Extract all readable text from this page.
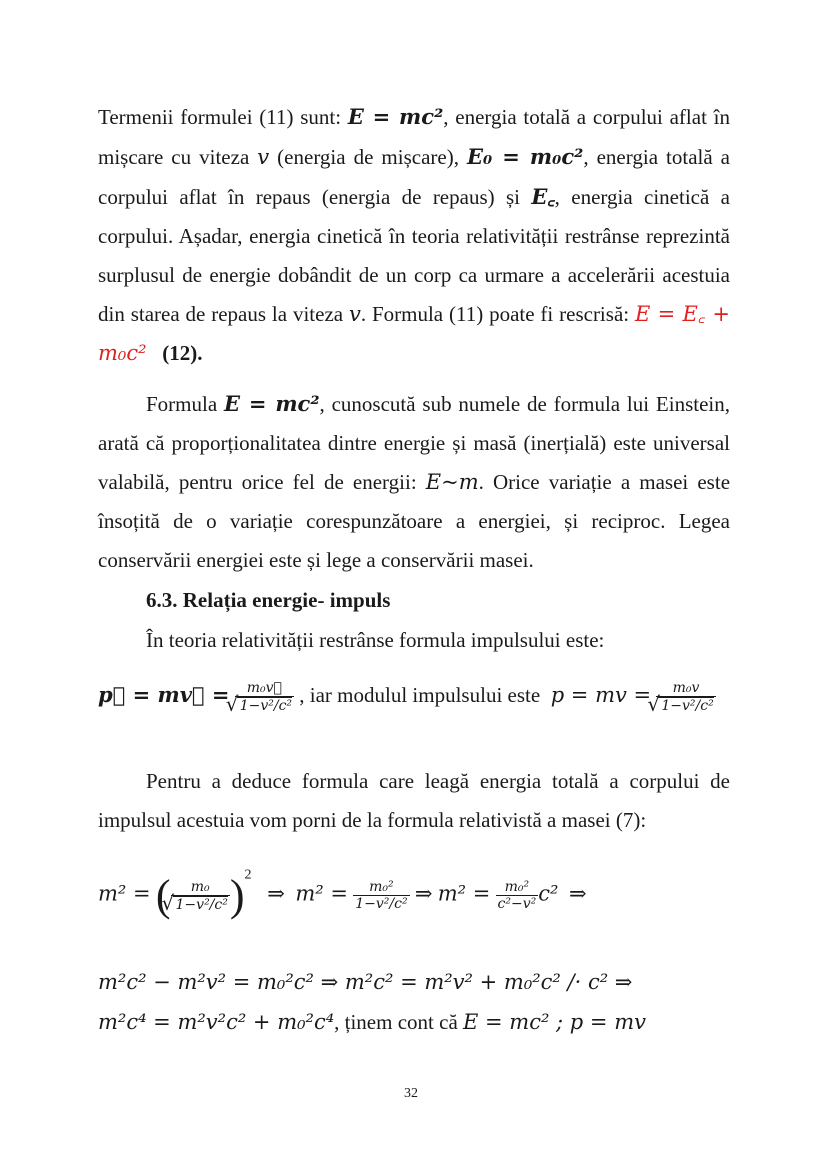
Termenii formulei (11) sunt: E = mc², energia totală a corpului aflat în mișcare cu viteza v (energia de mișcare), E₀ = m₀c², energia totală a corpului aflat în repaus (energia de repaus) și E꜀, energia cinetică a corpului. Așadar, energia cinetică în teoria relativității restrânse reprezintă surplusul de energie dobândit de un corp ca urmare a accelerării acestuia din starea de repaus la viteza v. Formula (11) poate fi rescrisă: E = E꜀ + m₀c² (12).

Formula E = mc², cunoscută sub numele de formula lui Einstein, arată că proporționalitatea dintre energie și masă (inerțială) este universal valabilă, pentru orice fel de energii: E~m. Orice variație a masei este însoțită de o variație corespunzătoare a energiei, și reciproc. Legea conservării energiei este și lege a conservării masei.

6.3. Relația energie- impuls

În teoria relativității restrânse formula impulsului este:

p⃗ = mv⃗ = m₀v⃗
√ 1−v²/c² , iar modulul impulsului este p = mv = m₀v
√ 1−v²/c²

Pentru a deduce formula care leagă energia totală a corpului de impulsul acestuia vom porni de la formula relativistă a masei (7):

m² = ( m₀
√ 1−v²/c² )$^2$   ⇒ $m^2 = \frac{\text{m₀²}}{\text{1−v²/c²}}$ ⇒ $m^2 = \frac{\text{m₀²}}{\text{c²−v²}} c^2$ ⇒
m²c² − m²v² = m₀²c² ⇒ m²c² = m²v² + m₀²c² /· c² ⇒
m²c⁴ = m²v²c² + m₀²c⁴, ținem cont că E = mc² ; p = mv
32
